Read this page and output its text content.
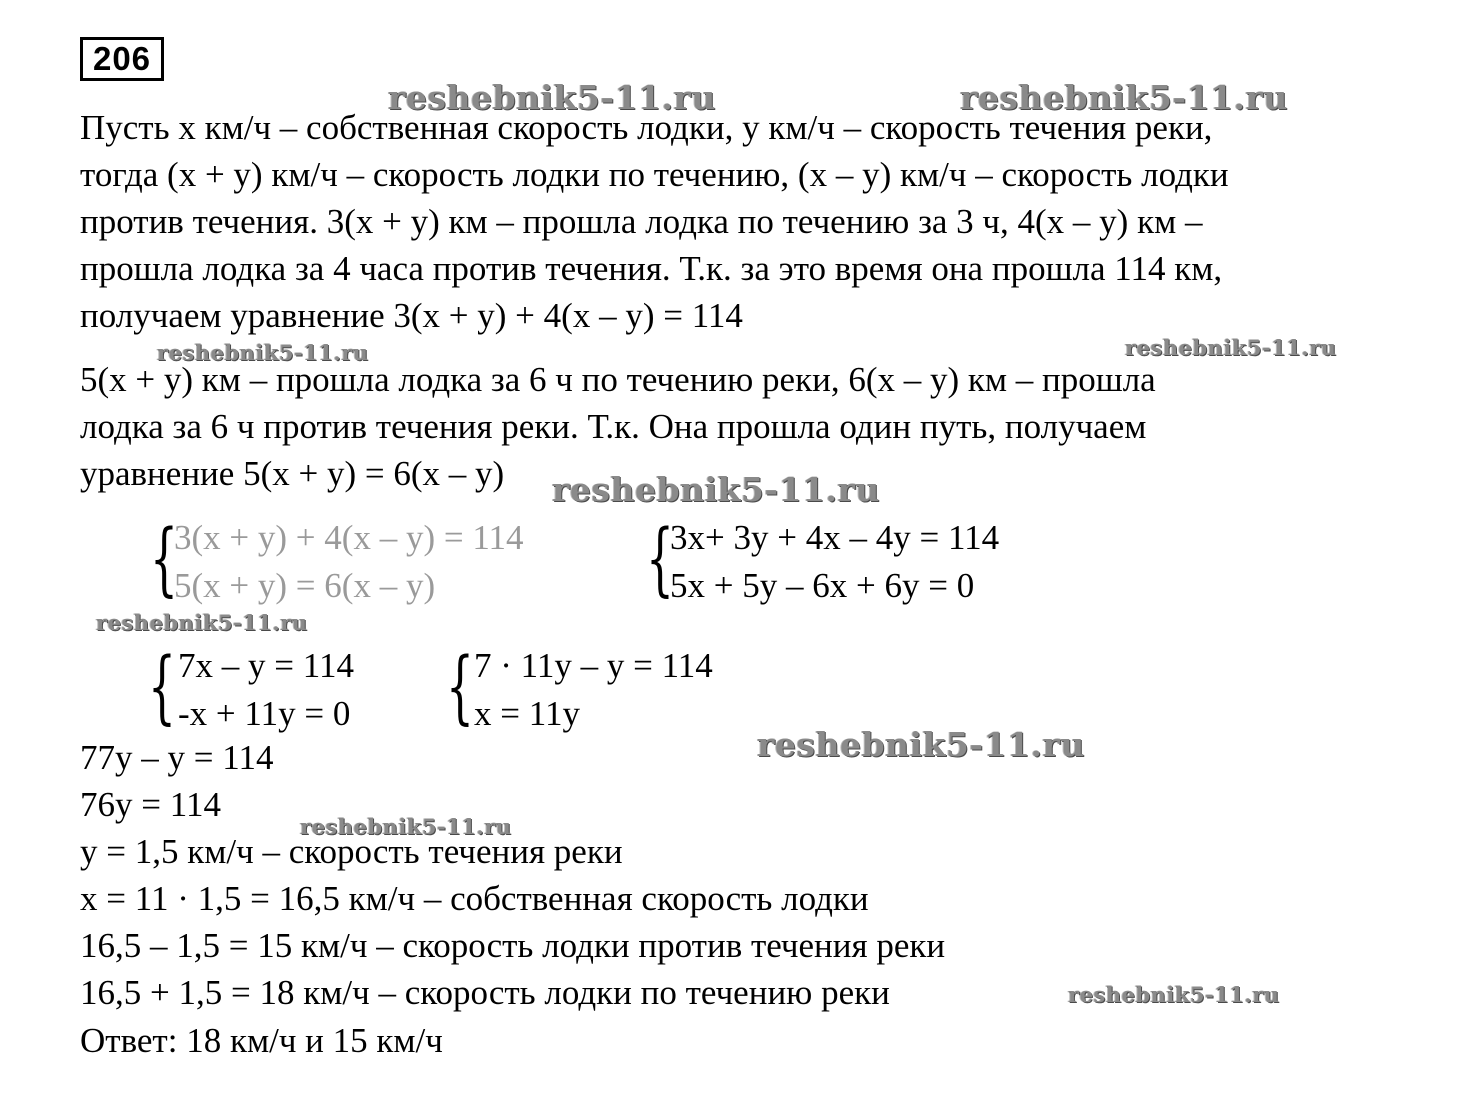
206
reshebnik5-11.ru	reshebnik5-11.ru
reshebnik5-11.ru	reshebnik5-11.ru
reshebnik5-11.ru
reshebnik5-11.ru
reshebnik5-11.ru
reshebnik5-11.ru
reshebnik5-11.ru
Пусть х км/ч – собственная скорость лодки, у км/ч – скорость течения реки,
тогда (х + у) км/ч – скорость лодки по течению, (х – у) км/ч – скорость лодки
против течения. 3(х + у) км – прошла лодка по течению за 3 ч, 4(х – у) км –
прошла лодка за 4 часа против течения. Т.к. за это время она прошла 114 км,
получаем уравнение 3(х + у) + 4(х – у) = 114
5(х + у) км – прошла лодка за 6 ч по течению реки, 6(х – у) км – прошла
лодка за 6 ч против течения реки. Т.к. Она прошла один путь, получаем
уравнение 5(х + у) = 6(х – у)
{
3(х + у) + 4(х – у) = 114
5(х + у) = 6(х – у)	{
3х+ 3у + 4х – 4у = 114
5х + 5у – 6х + 6у = 0
{ 7х – у = 114
-х + 11у = 0 { 7 · 11у – у = 114
х = 11у
77у – у = 114
76у = 114
у = 1,5 км/ч – скорость течения реки
х = 11 · 1,5 = 16,5 км/ч – собственная скорость лодки
16,5 – 1,5 = 15 км/ч – скорость лодки против течения реки
16,5 + 1,5 = 18 км/ч – скорость лодки по течению реки
Ответ: 18 км/ч и 15 км/ч
